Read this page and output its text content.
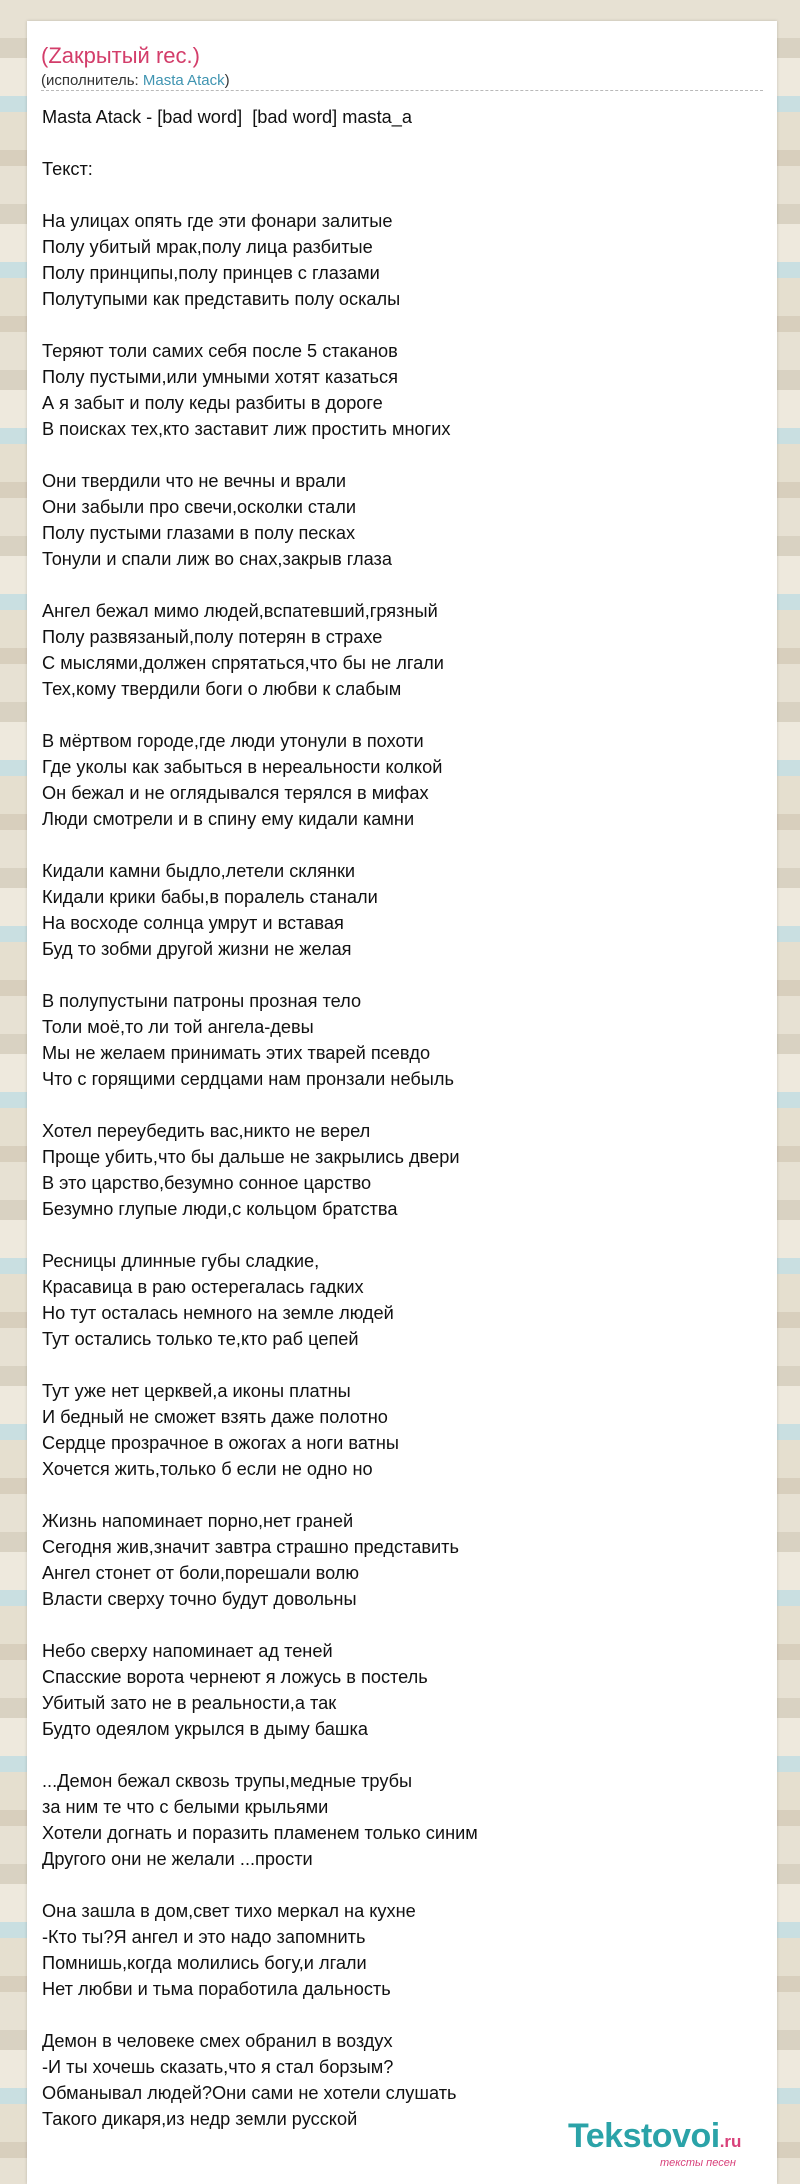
(Zакрытый rec.)
(исполнитель: Masta Atack)
Masta Atack - [bad word]  [bad word] masta_a
Текст:
На улицах опять где эти фонари залитые
Полу убитый мрак,полу лица разбитые
Полу принципы,полу принцев с глазами
Полутупыми как представить полу оскалы
Теряют толи самих себя после 5 стаканов
Полу пустыми,или умными хотят казаться
А я забыт и полу кеды разбиты в дороге
В поисках тех,кто заставит лиж простить многих
Они твердили что не вечны и врали
Они забыли про свечи,осколки стали
Полу пустыми глазами в полу песках
Тонули и спали лиж во снах,закрыв глаза
Ангел бежал мимо людей,вспатевший,грязный
Полу развязаный,полу потерян в страхе
С мыслями,должен спрятаться,что бы не лгали
Тех,кому твердили боги о любви к слабым
В мёртвом городе,где люди утонули в похоти
Где уколы как забыться в нереальности колкой
Он бежал и не оглядывался терялся в мифах
Люди смотрели и в спину ему кидали камни
Кидали камни быдло,летели склянки
Кидали крики бабы,в поралель станали
На восходе солнца умрут и вставая
Буд то зобми другой жизни не желая
В полупустыни патроны прозная тело
Толи моё,то ли той ангела-девы
Мы не желаем принимать этих тварей псевдо
Что с горящими сердцами нам пронзали небыль
Хотел переубедить вас,никто не верел
Проще убить,что бы дальше не закрылись двери
В это царство,безумно сонное царство
Безумно глупые люди,с кольцом братства
Ресницы длинные губы сладкие,
Красавица в раю остерегалась гадких
Но тут осталась немного на земле людей
Тут остались только те,кто раб цепей
Тут уже нет церквей,а иконы платны
И бедный не сможет взять даже полотно
Сердце прозрачное в ожогах а ноги ватны
Хочется жить,только б если не одно но
Жизнь напоминает порно,нет граней
Сегодня жив,значит завтра страшно представить
Ангел стонет от боли,порешали волю
Власти сверху точно будут довольны
Небо сверху напоминает ад теней
Спасские ворота чернеют я ложусь в постель
Убитый зато не в реальности,а так
Будто одеялом укрылся в дыму башка
...Демон бежал сквозь трупы,медные трубы
за ним те что с белыми крыльями
Хотели догнать и поразить пламенем только синим
Другого они не желали ...прости
Она зашла в дом,свет тихо меркал на кухне
-Кто ты?Я ангел и это надо запомнить
Помнишь,когда молились богу,и лгали
Нет любви и тьма поработила дальность
Демон в человеке смех обранил в воздух
-И ты хочешь сказать,что я стал борзым?
Обманывал людей?Они сами не хотели слушать
Такого дикаря,из недр земли русской	Tekstovoi.ru
тексты песен
